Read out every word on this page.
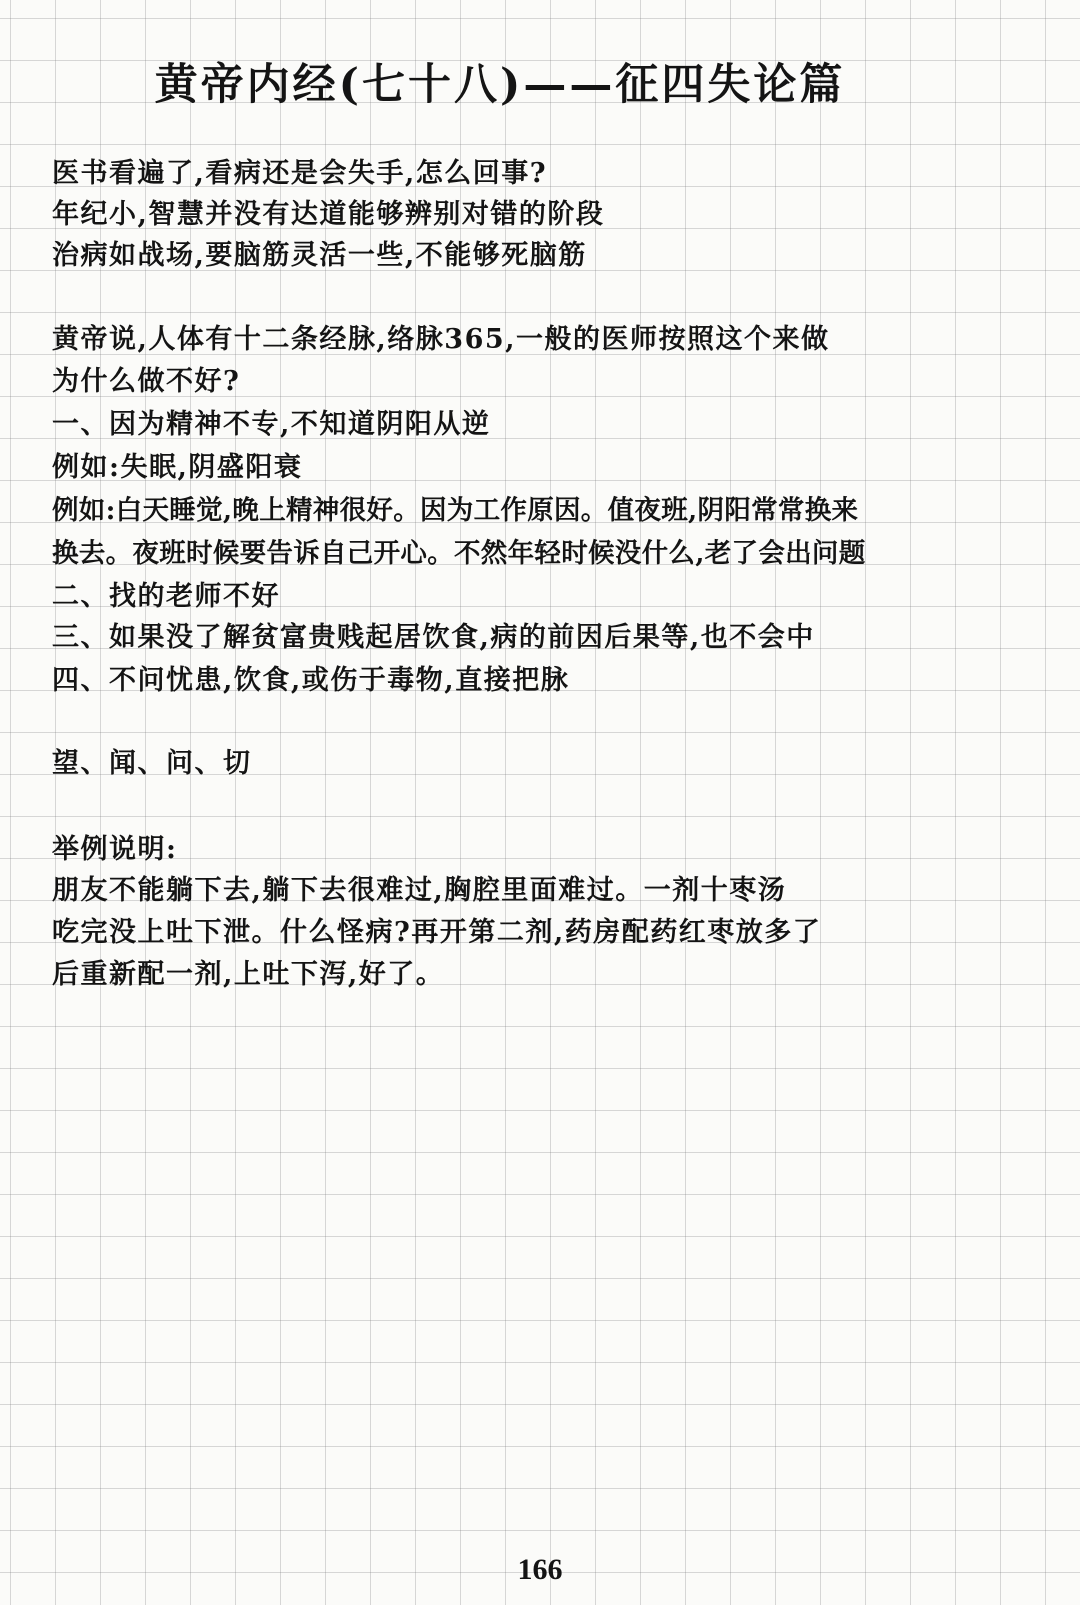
黄帝内经(七十八)——征四失论篇
医书看遍了,看病还是会失手,怎么回事?
年纪小,智慧并没有达道能够辨别对错的阶段
治病如战场,要脑筋灵活一些,不能够死脑筋
黄帝说,人体有十二条经脉,络脉365,一般的医师按照这个来做
为什么做不好?
一、因为精神不专,不知道阴阳从逆
例如:失眠,阴盛阳衰
例如:白天睡觉,晚上精神很好。因为工作原因。值夜班,阴阳常常换来
换去。夜班时候要告诉自己开心。不然年轻时候没什么,老了会出问题
二、找的老师不好
三、如果没了解贫富贵贱起居饮食,病的前因后果等,也不会中
四、不问忧患,饮食,或伤于毒物,直接把脉
望、闻、问、切
举例说明:
朋友不能躺下去,躺下去很难过,胸腔里面难过。一剂十枣汤
吃完没上吐下泄。什么怪病?再开第二剂,药房配药红枣放多了
后重新配一剂,上吐下泻,好了。
166
